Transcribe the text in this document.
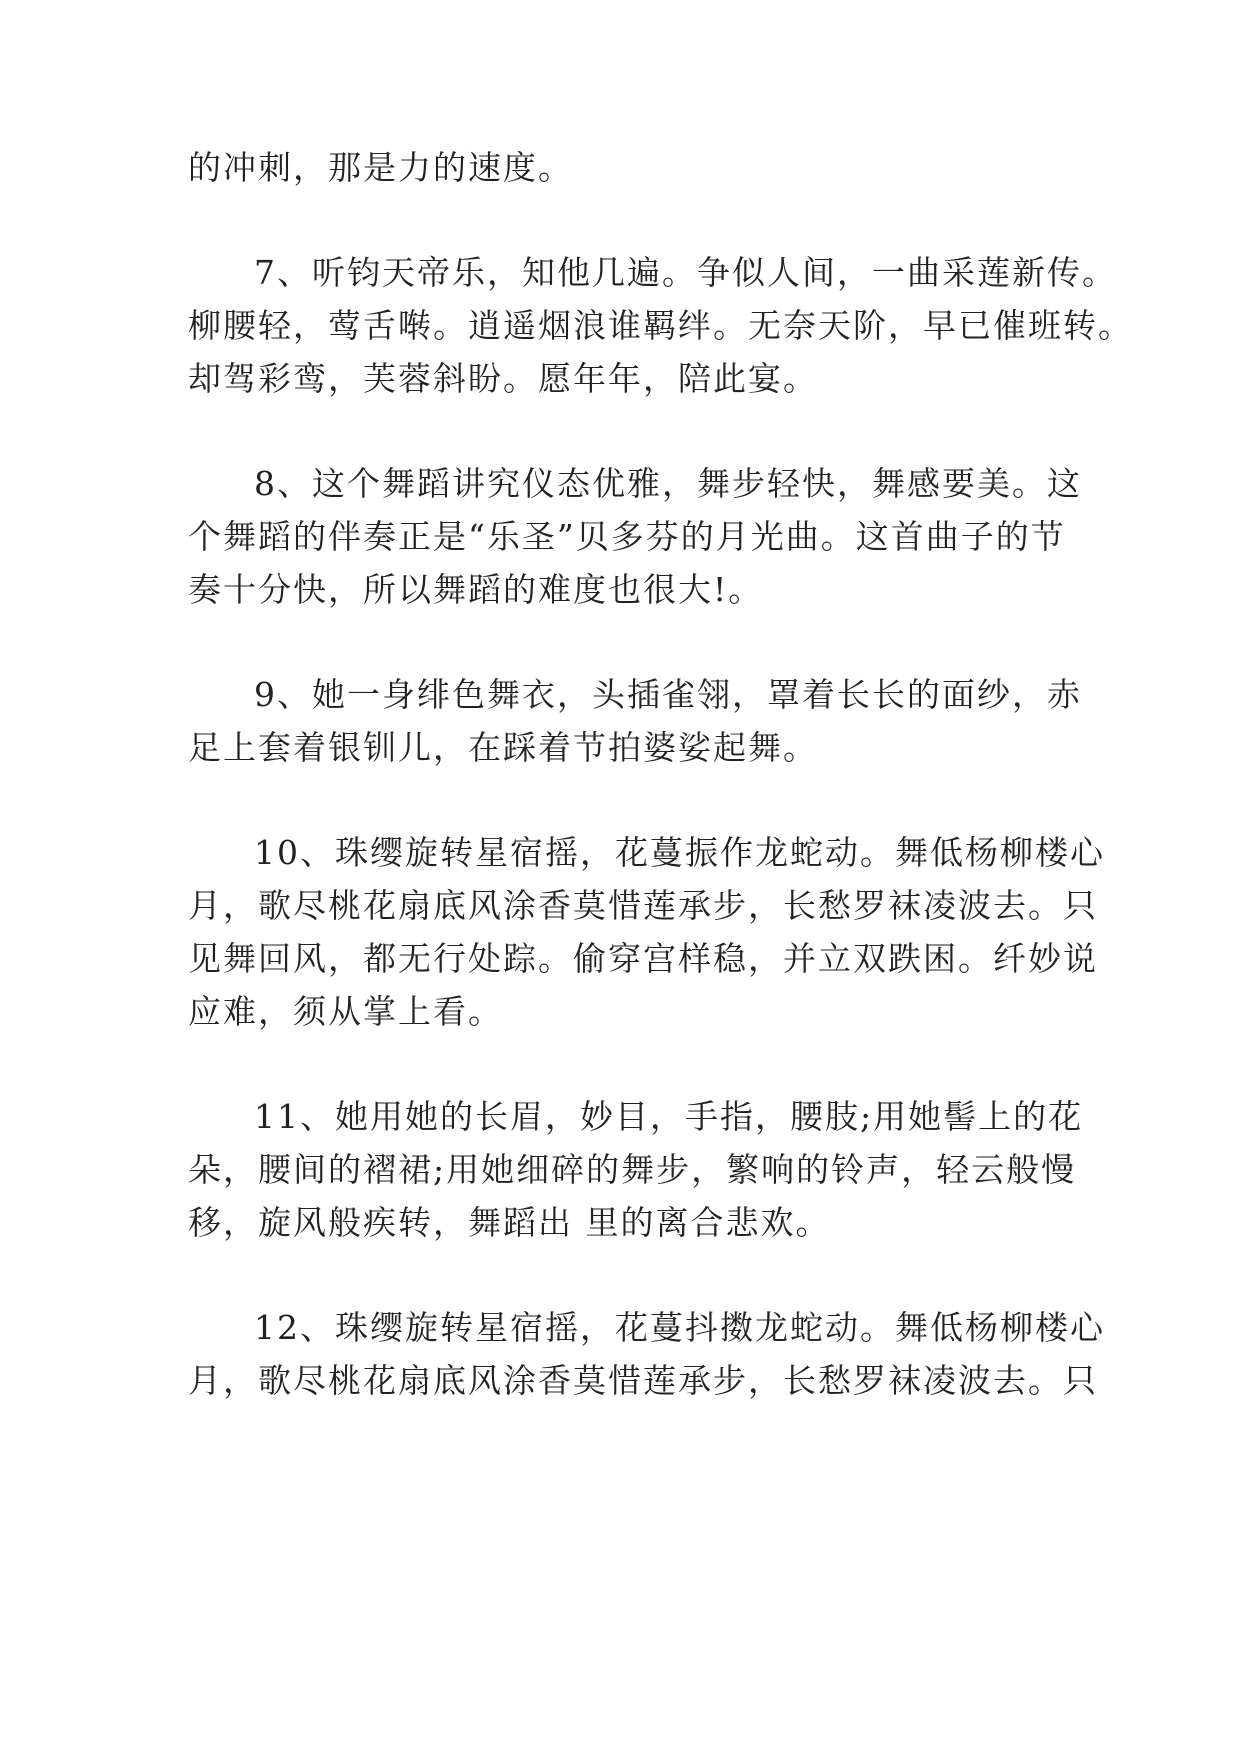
的冲刺，那是力的速度。
7、听钧天帝乐，知他几遍。争似人间，一曲采莲新传。
柳腰轻，莺舌啭。逍遥烟浪谁羁绊。无奈天阶，早已催班转。
却驾彩鸾，芙蓉斜盼。愿年年，陪此宴。
8、这个舞蹈讲究仪态优雅，舞步轻快，舞感要美。这
个舞蹈的伴奏正是“乐圣”贝多芬的月光曲。这首曲子的节
奏十分快，所以舞蹈的难度也很大!。
9、她一身绯色舞衣，头插雀翎，罩着长长的面纱，赤
足上套着银钏儿，在踩着节拍婆娑起舞。
10、珠缨旋转星宿摇，花蔓振作龙蛇动。舞低杨柳楼心
月，歌尽桃花扇底风涂香莫惜莲承步，长愁罗袜凌波去。只
见舞回风，都无行处踪。偷穿宫样稳，并立双跌困。纤妙说
应难，须从掌上看。
11、她用她的长眉，妙目，手指，腰肢;用她髻上的花
朵，腰间的褶裙;用她细碎的舞步，繁响的铃声，轻云般慢
移，旋风般疾转，舞蹈出 里的离合悲欢。
12、珠缨旋转星宿摇，花蔓抖擞龙蛇动。舞低杨柳楼心
月，歌尽桃花扇底风涂香莫惜莲承步，长愁罗袜凌波去。只
